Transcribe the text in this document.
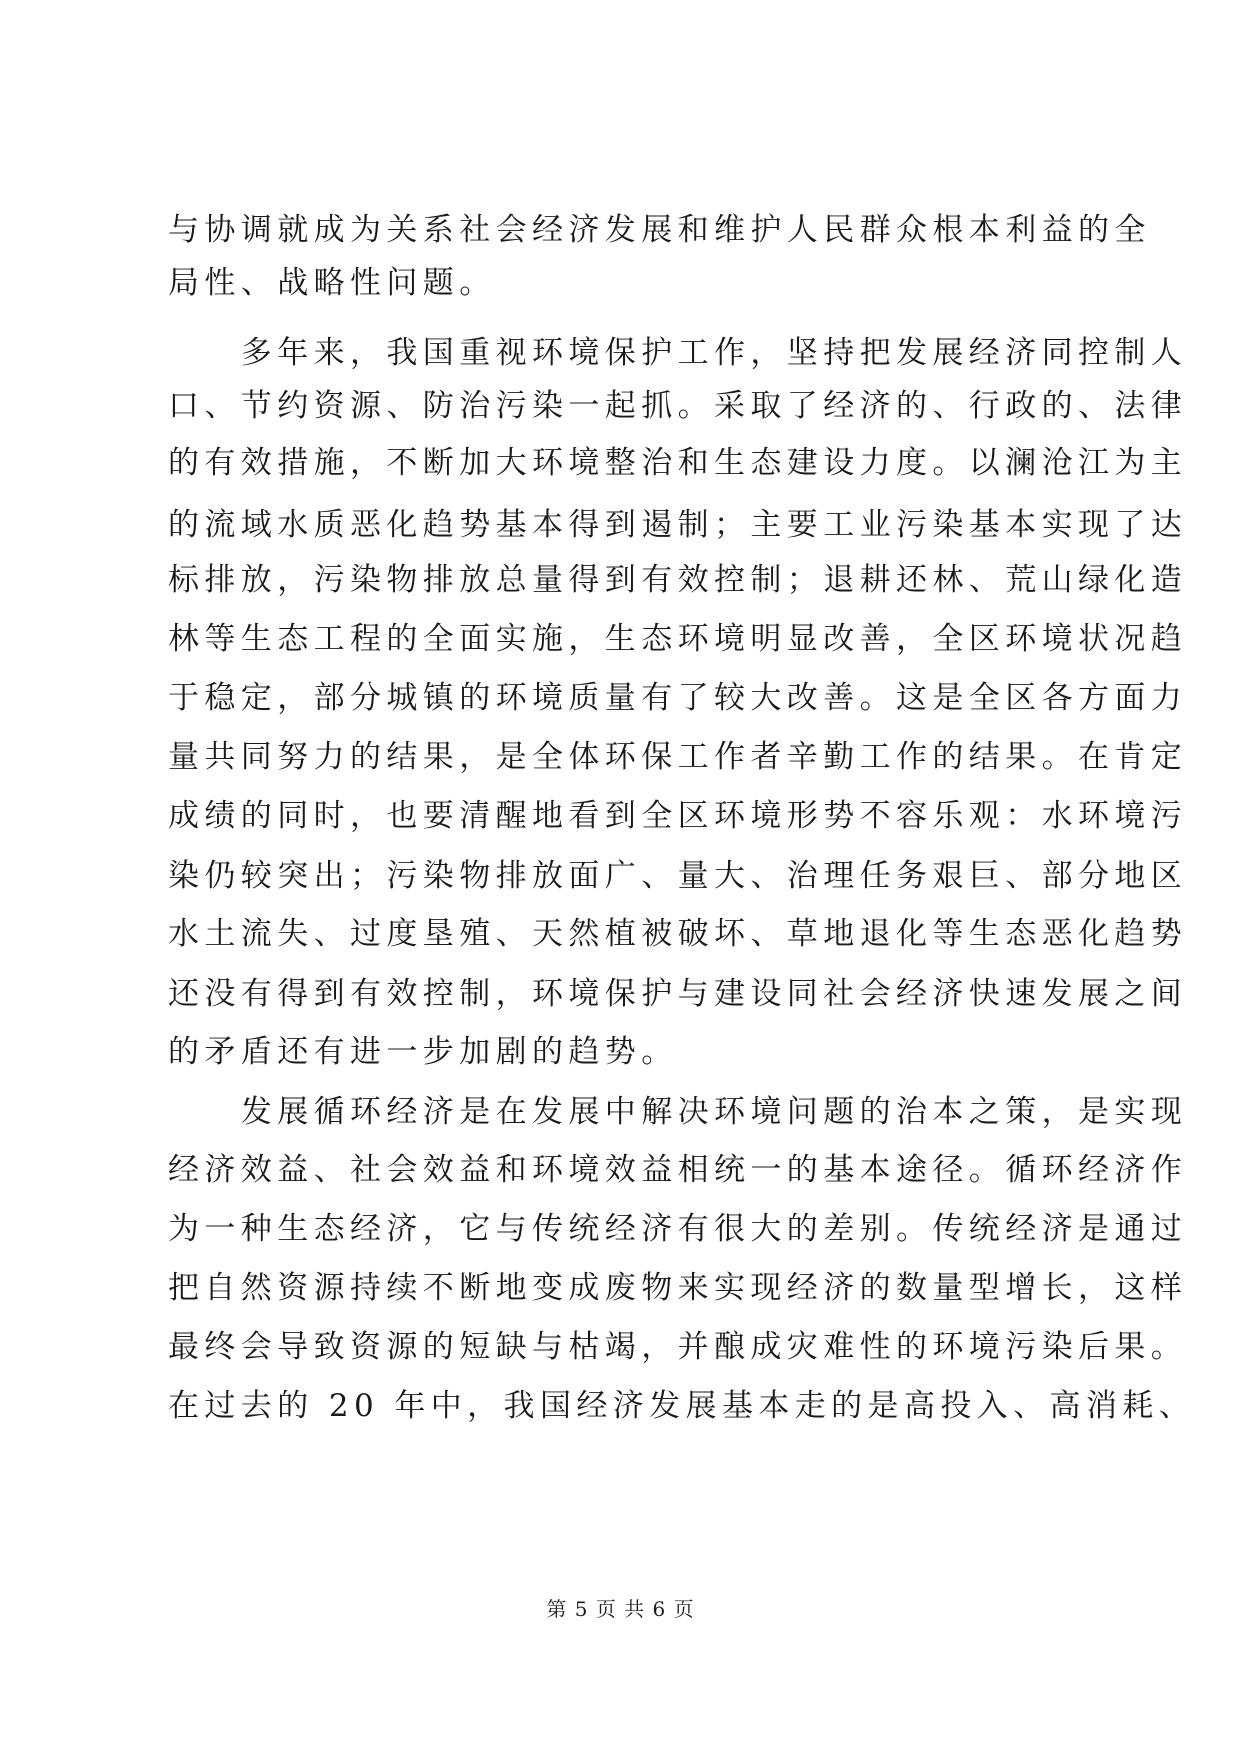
与协调就成为关系社会经济发展和维护人民群众根本利益的全
局性、战略性问题。
　　多年来，我国重视环境保护工作，坚持把发展经济同控制人
口、节约资源、防治污染一起抓。采取了经济的、行政的、法律
的有效措施，不断加大环境整治和生态建设力度。以澜沧江为主
的流域水质恶化趋势基本得到遏制；主要工业污染基本实现了达
标排放，污染物排放总量得到有效控制；退耕还林、荒山绿化造
林等生态工程的全面实施，生态环境明显改善，全区环境状况趋
于稳定，部分城镇的环境质量有了较大改善。这是全区各方面力
量共同努力的结果，是全体环保工作者辛勤工作的结果。在肯定
成绩的同时，也要清醒地看到全区环境形势不容乐观：水环境污
染仍较突出；污染物排放面广、量大、治理任务艰巨、部分地区
水土流失、过度垦殖、天然植被破坏、草地退化等生态恶化趋势
还没有得到有效控制，环境保护与建设同社会经济快速发展之间
的矛盾还有进一步加剧的趋势。
　　发展循环经济是在发展中解决环境问题的治本之策，是实现
经济效益、社会效益和环境效益相统一的基本途径。循环经济作
为一种生态经济，它与传统经济有很大的差别。传统经济是通过
把自然资源持续不断地变成废物来实现经济的数量型增长，这样
最终会导致资源的短缺与枯竭，并酿成灾难性的环境污染后果。
在过去的 20 年中，我国经济发展基本走的是高投入、高消耗、
第 5 页 共 6 页
